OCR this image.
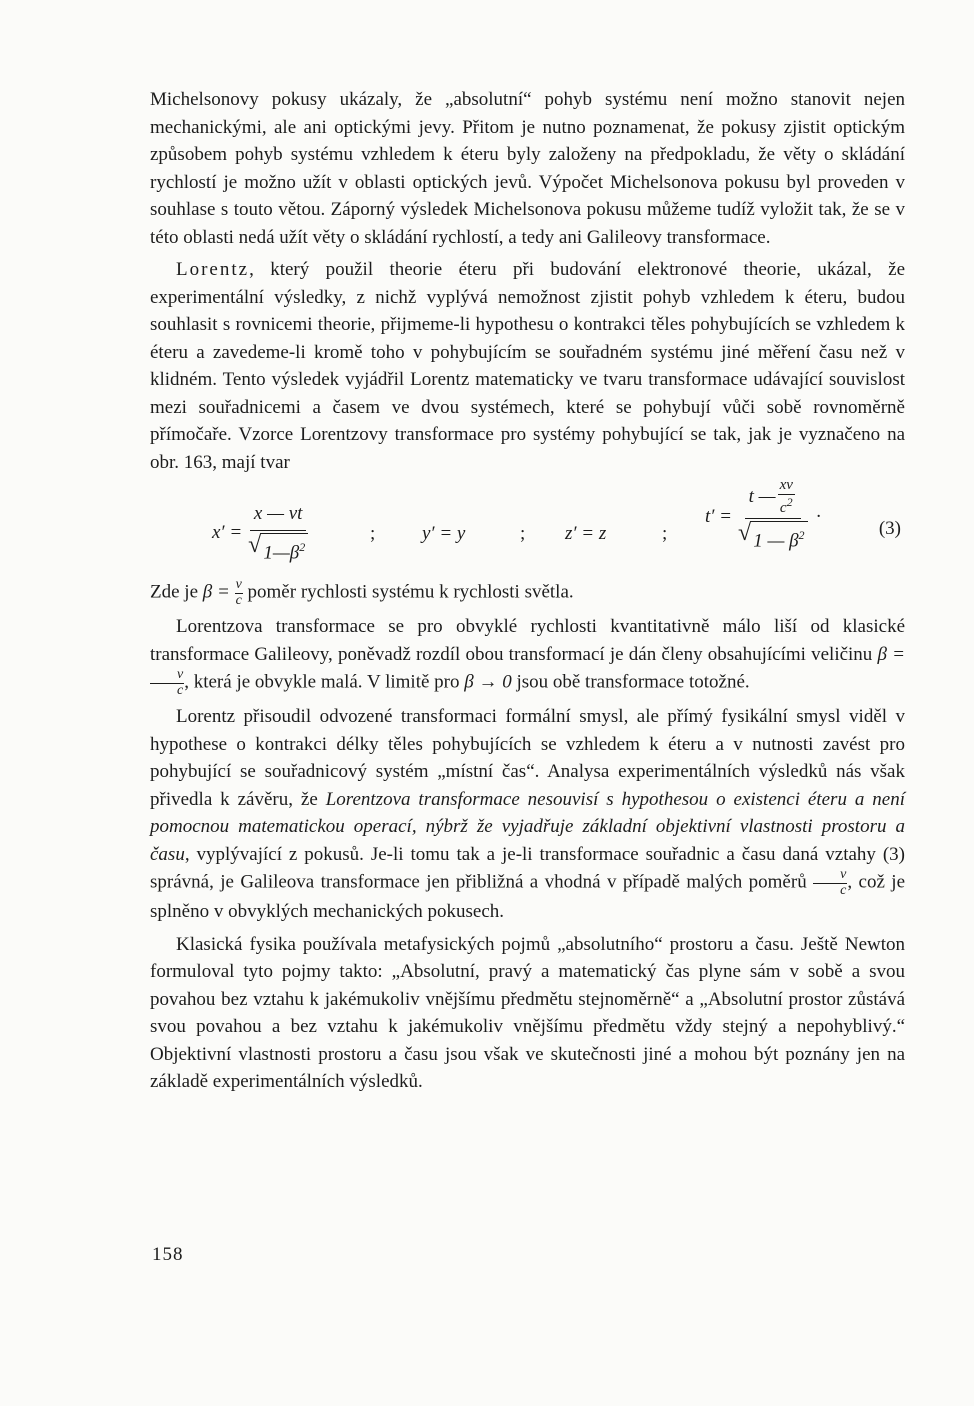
Michelsonovy pokusy ukázaly, že „absolutní“ pohyb systému není možno stanovit nejen mechanickými, ale ani optickými jevy. Přitom je nutno poznamenat, že pokusy zjistit optickým způsobem pohyb systému vzhledem k éteru byly založeny na předpokladu, že věty o skládání rychlostí je možno užít v oblasti optických jevů. Výpočet Michelsonova pokusu byl proveden v souhlase s touto větou. Záporný výsledek Michelsonova pokusu můžeme tudíž vyložit tak, že se v této oblasti nedá užít věty o skládání rychlostí, a tedy ani Galileovy transformace.

Lorentz, který použil theorie éteru při budování elektronové theorie, ukázal, že experimentální výsledky, z nichž vyplývá nemožnost zjistit pohyb vzhledem k éteru, budou souhlasit s rovnicemi theorie, přijmeme-li hypothesu o kontrakci těles pohybujících se vzhledem k éteru a zavedeme-li kromě toho v pohybujícím se souřadném systému jiné měření času než v klidném. Tento výsledek vyjádřil Lorentz matematicky ve tvaru transformace udávající souvislost mezi souřadnicemi a časem ve dvou systémech, které se pohybují vůči sobě rovnoměrně přímočaře. Vzorce Lorentzovy transformace pro systémy pohybující se tak, jak je vyznačeno na obr. 163, mají tvar

$x' = \frac{x — vt}{√ 1—\beta^2}$	; y′ = y	; z′ = z	;
t′ =
t — $\frac{xv}{c^2}$
√ 1 — $\beta^2$
·
(3)

Zde je $\beta = \frac{v}{c}$ poměr rychlosti systému k rychlosti světla.

Lorentzova transformace se pro obvyklé rychlosti kvantitativně málo liší od klasické transformace Galileovy, poněvadž rozdíl obou transformací je dán členy obsahujícími veličinu β =
$\frac{v}{c}$ , která je obvykle malá. V limitě pro β → 0 jsou obě transformace totožné.

Lorentz přisoudil odvozené transformaci formální smysl, ale přímý fysikální smysl viděl v hypothese o kontrakci délky těles pohybujících se vzhledem k éteru a v nutnosti zavést pro pohybující se souřadnicový systém „místní čas“. Analysa experimentálních výsledků nás však přivedla k závěru, že Lorentzova transformace nesouvisí s hypothesou o existenci éteru a není pomocnou matematickou operací, nýbrž že vyjadřuje základní objektivní vlastnosti prostoru a času, vyplývající z pokusů. Je-li tomu tak a je-li transformace souřadnic a času daná vztahy (3) správná, je Galileova transformace jen přibližná a vhodná v případě malých poměrů $\frac{v}{c}$ , což je splněno v obvyklých mechanických pokusech.

Klasická fysika používala metafysických pojmů „absolutního“ prostoru a času. Ještě Newton formuloval tyto pojmy takto: „Absolutní, pravý a matematický čas plyne sám v sobě a svou povahou bez vztahu k jakémukoliv vnějšímu předmětu stejnoměrně“ a „Absolutní prostor zůstává svou povahou a bez vztahu k jakémukoliv vnějšímu předmětu vždy stejný a nepohyblivý.“ Objektivní vlastnosti prostoru a času jsou však ve skutečnosti jiné a mohou být poznány jen na základě experimentálních výsledků.

158
